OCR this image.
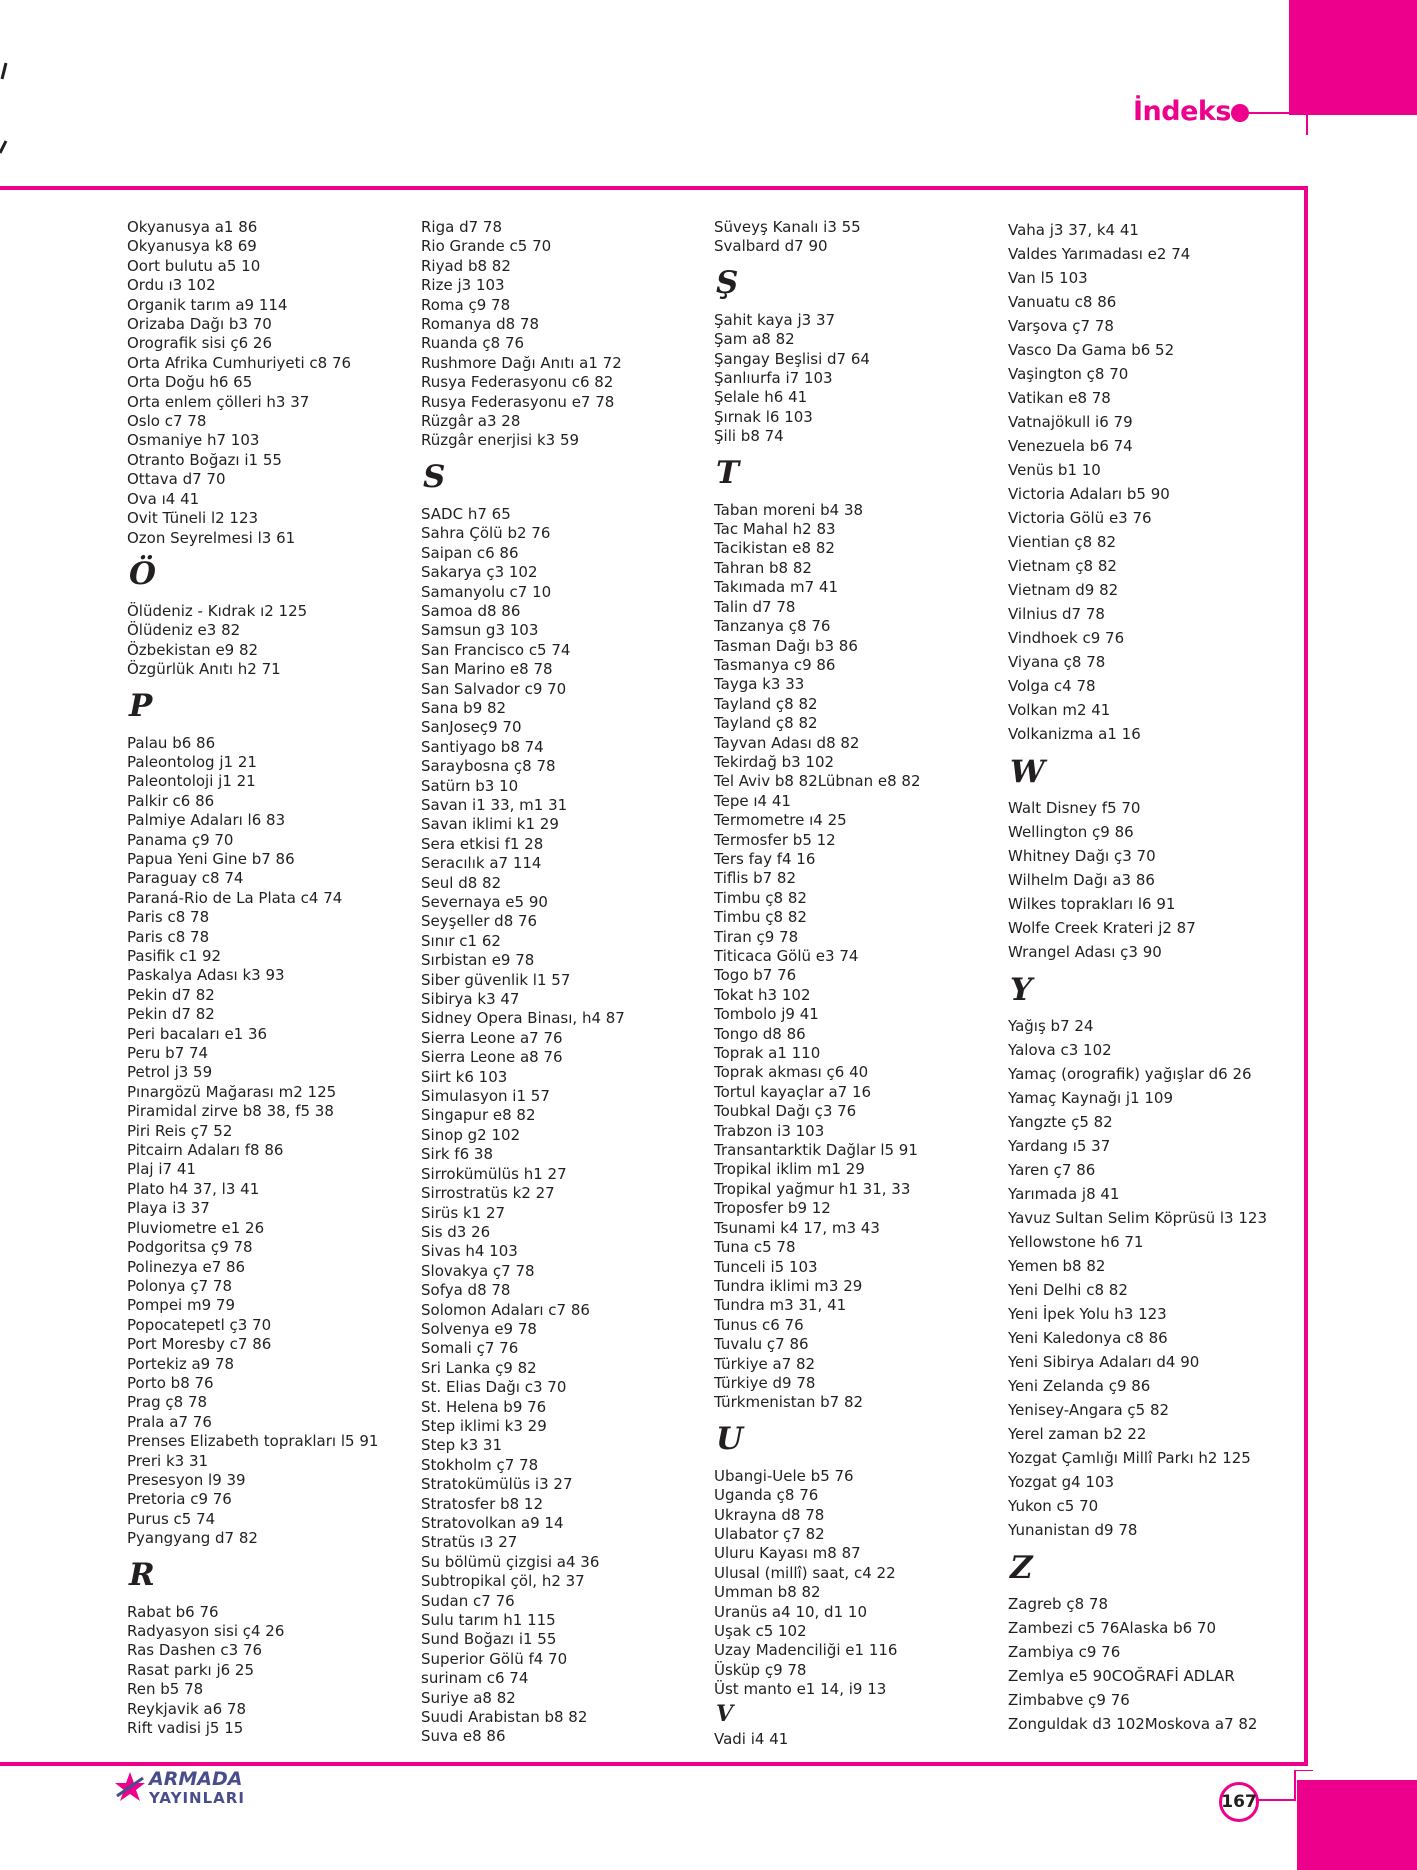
İndeks
Okyanusya a1 86
Okyanusya k8 69
Oort bulutu a5 10
Ordu ı3 102
Organik tarım a9 114
Orizaba Dağı b3 70
Orografik sisi ç6 26
Orta Afrika Cumhuriyeti c8 76
Orta Doğu h6 65
Orta enlem çölleri h3 37
Oslo c7 78
Osmaniye h7 103
Otranto Boğazı i1 55
Ottava d7 70
Ova ı4 41
Ovit Tüneli l2 123
Ozon Seyrelmesi l3 61
Ö
Ölüdeniz - Kıdrak ı2 125
Ölüdeniz e3 82
Özbekistan e9 82
Özgürlük Anıtı h2 71
P
Palau b6 86
Paleontolog j1 21
Paleontoloji j1 21
Palkir c6 86
Palmiye Adaları l6 83
Panama ç9 70
Papua Yeni Gine b7 86
Paraguay c8 74
Paraná-Rio de La Plata c4 74
Paris c8 78
Paris c8 78
Pasifik c1 92
Paskalya Adası k3 93
Pekin d7 82
Pekin d7 82
Peri bacaları e1 36
Peru b7 74
Petrol j3 59
Pınargözü Mağarası m2 125
Piramidal zirve b8 38, f5 38
Piri Reis ç7 52
Pitcairn Adaları f8 86
Plaj i7 41
Plato h4 37, l3 41
Playa i3 37
Pluviometre e1 26
Podgoritsa ç9 78
Polinezya e7 86
Polonya ç7 78
Pompei m9 79
Popocatepetl ç3 70
Port Moresby c7 86
Portekiz a9 78
Porto b8 76
Prag ç8 78
Prala a7 76
Prenses Elizabeth toprakları l5 91
Preri k3 31
Presesyon l9 39
Pretoria c9 76
Purus c5 74
Pyangyang d7 82
R
Rabat b6 76
Radyasyon sisi ç4 26
Ras Dashen c3 76
Rasat parkı j6 25
Ren b5 78
Reykjavik a6 78
Rift vadisi j5 15
Riga d7 78
Rio Grande c5 70
Riyad b8 82
Rize j3 103
Roma ç9 78
Romanya d8 78
Ruanda ç8 76
Rushmore Dağı Anıtı a1 72
Rusya Federasyonu c6 82
Rusya Federasyonu e7 78
Rüzgâr a3 28
Rüzgâr enerjisi k3 59
S
SADC h7 65
Sahra Çölü b2 76
Saipan c6 86
Sakarya ç3 102
Samanyolu c7 10
Samoa d8 86
Samsun g3 103
San Francisco c5 74
San Marino e8 78
San Salvador c9 70
Sana b9 82
SanJoseç9 70
Santiyago b8 74
Saraybosna ç8 78
Satürn b3 10
Savan i1 33, m1 31
Savan iklimi k1 29
Sera etkisi f1 28
Seracılık a7 114
Seul d8 82
Severnaya e5 90
Seyşeller d8 76
Sınır c1 62
Sırbistan e9 78
Siber güvenlik l1 57
Sibirya k3 47
Sidney Opera Binası, h4 87
Sierra Leone a7 76
Sierra Leone a8 76
Siirt k6 103
Simulasyon i1 57
Singapur e8 82
Sinop g2 102
Sirk f6 38
Sirrokümülüs h1 27
Sirrostratüs k2 27
Sirüs k1 27
Sis d3 26
Sivas h4 103
Slovakya ç7 78
Sofya d8 78
Solomon Adaları c7 86
Solvenya e9 78
Somali ç7 76
Sri Lanka ç9 82
St. Elias Dağı c3 70
St. Helena b9 76
Step iklimi k3 29
Step k3 31
Stokholm ç7 78
Stratokümülüs i3 27
Stratosfer b8 12
Stratovolkan a9 14
Stratüs ı3 27
Su bölümü çizgisi a4 36
Subtropikal çöl, h2 37
Sudan c7 76
Sulu tarım h1 115
Sund Boğazı i1 55
Superior Gölü f4 70
surinam c6 74
Suriye a8 82
Suudi Arabistan b8 82
Suva e8 86
Süveyş Kanalı i3 55
Svalbard d7 90
Ş
Şahit kaya j3 37
Şam a8 82
Şangay Beşlisi d7 64
Şanlıurfa i7 103
Şelale h6 41
Şırnak l6 103
Şili b8 74
T
Taban moreni b4 38
Tac Mahal h2 83
Tacikistan e8 82
Tahran b8 82
Takımada m7 41
Talin d7 78
Tanzanya ç8 76
Tasman Dağı b3 86
Tasmanya c9 86
Tayga k3 33
Tayland ç8 82
Tayland ç8 82
Tayvan Adası d8 82
Tekirdağ b3 102
Tel Aviv b8 82Lübnan e8 82
Tepe ı4 41
Termometre ı4 25
Termosfer b5 12
Ters fay f4 16
Tiflis b7 82
Timbu ç8 82
Timbu ç8 82
Tiran ç9 78
Titicaca Gölü e3 74
Togo b7 76
Tokat h3 102
Tombolo j9 41
Tongo d8 86
Toprak a1 110
Toprak akması ç6 40
Tortul kayaçlar a7 16
Toubkal Dağı ç3 76
Trabzon i3 103
Transantarktik Dağlar l5 91
Tropikal iklim m1 29
Tropikal yağmur h1 31, 33
Troposfer b9 12
Tsunami k4 17, m3 43
Tuna c5 78
Tunceli i5 103
Tundra iklimi m3 29
Tundra m3 31, 41
Tunus c6 76
Tuvalu ç7 86
Türkiye a7 82
Türkiye d9 78
Türkmenistan b7 82
U
Ubangi-Uele b5 76
Uganda ç8 76
Ukrayna d8 78
Ulabator ç7 82
Uluru Kayası m8 87
Ulusal (millî) saat, c4 22
Umman b8 82
Uranüs a4 10, d1 10
Uşak c5 102
Uzay Madenciliği e1 116
Üsküp ç9 78
Üst manto e1 14, i9 13
V
Vadi i4 41
Vaha j3 37, k4 41
Valdes Yarımadası e2 74
Van l5 103
Vanuatu c8 86
Varşova ç7 78
Vasco Da Gama b6 52
Vaşington ç8 70
Vatikan e8 78
Vatnajökull i6 79
Venezuela b6 74
Venüs b1 10
Victoria Adaları b5 90
Victoria Gölü e3 76
Vientian ç8 82
Vietnam ç8 82
Vietnam d9 82
Vilnius d7 78
Vindhoek c9 76
Viyana ç8 78
Volga c4 78
Volkan m2 41
Volkanizma a1 16
W
Walt Disney f5 70
Wellington ç9 86
Whitney Dağı ç3 70
Wilhelm Dağı a3 86
Wilkes toprakları l6 91
Wolfe Creek Krateri j2 87
Wrangel Adası ç3 90
Y
Yağış b7 24
Yalova c3 102
Yamaç (orografik) yağışlar d6 26
Yamaç Kaynağı j1 109
Yangzte ç5 82
Yardang ı5 37
Yaren ç7 86
Yarımada j8 41
Yavuz Sultan Selim Köprüsü l3 123
Yellowstone h6 71
Yemen b8 82
Yeni Delhi c8 82
Yeni İpek Yolu h3 123
Yeni Kaledonya c8 86
Yeni Sibirya Adaları d4 90
Yeni Zelanda ç9 86
Yenisey-Angara ç5 82
Yerel zaman b2 22
Yozgat Çamlığı Millî Parkı h2 125
Yozgat g4 103
Yukon c5 70
Yunanistan d9 78
Z
Zagreb ç8 78
Zambezi c5 76Alaska b6 70
Zambiya c9 76
Zemlya e5 90COĞRAFİ ADLAR
Zimbabve ç9 76
Zonguldak d3 102Moskova a7 82
ARMADA
YAYINLARI	167
